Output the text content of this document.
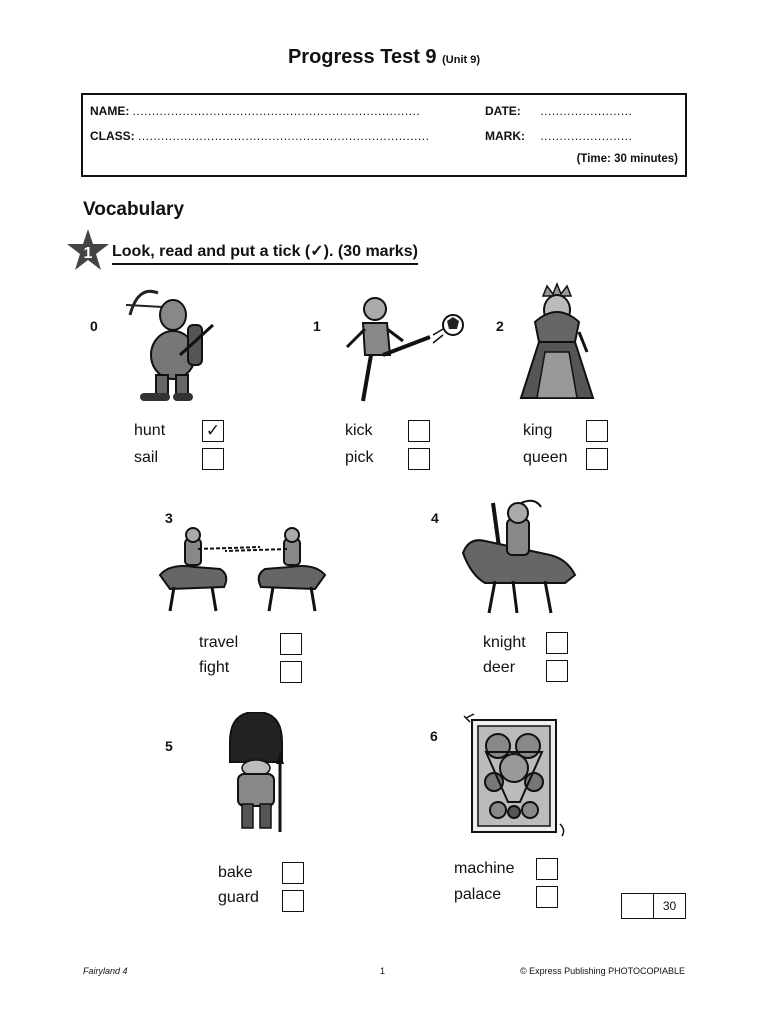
Progress Test 9 (Unit 9)
NAME: ...........................................................................	DATE: ........................
CLASS: ............................................................................	MARK: ........................
(Time: 30 minutes)
Vocabulary
1 Look, read and put a tick (✓). (30 marks)
0
hunt ✓
sail
1
kick
pick
2
king
queen
3
travel
fight
4
knight
deer
5
bake
guard
6
machine
palace
30
Fairyland 4	1	© Express Publishing PHOTOCOPIABLE
